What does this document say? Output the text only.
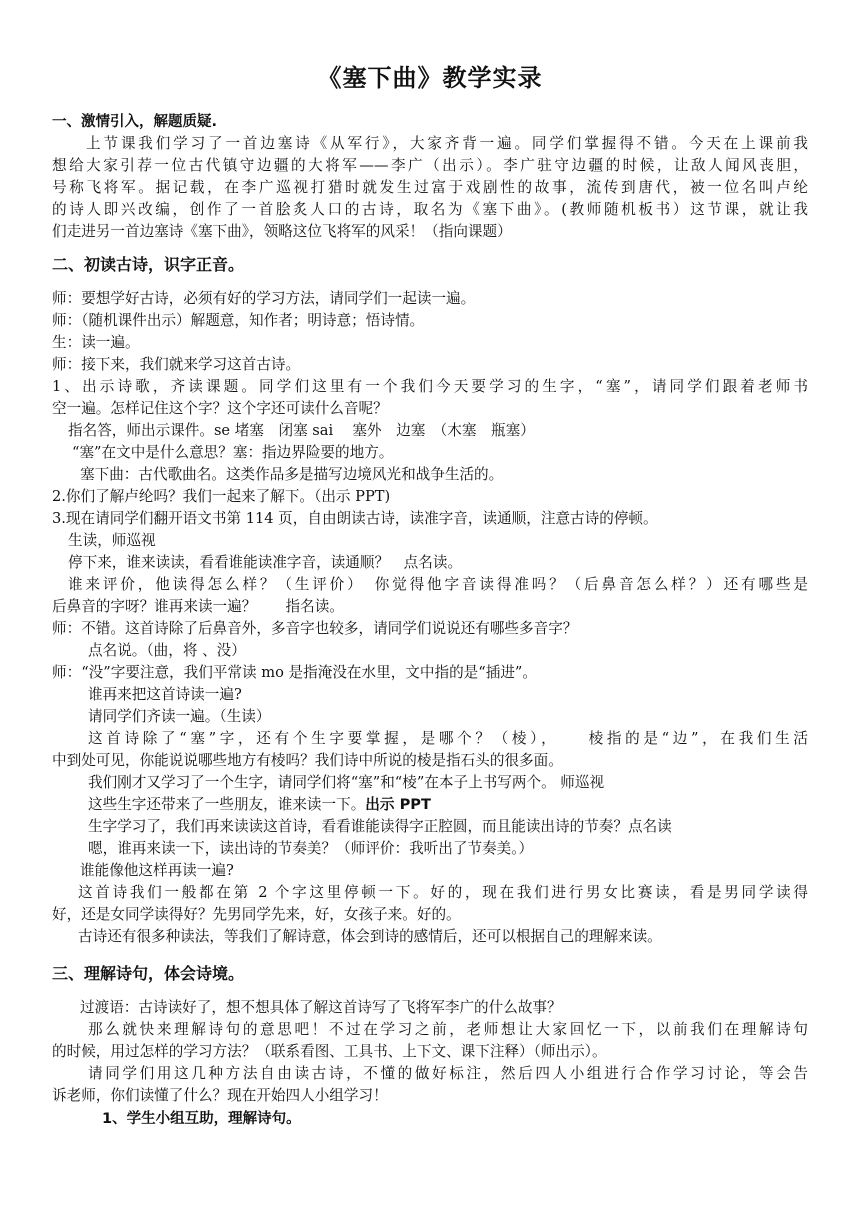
《塞下曲》教学实录
一、激情引入，解题质疑.
上节课我们学习了一首边塞诗《从军行》，大家齐背一遍。同学们掌握得不错。今天在上课前我
想给大家引荐一位古代镇守边疆的大将军——李广（出示）。李广驻守边疆的时候，让敌人闻风丧胆，
号称飞将军。据记载，在李广巡视打猎时就发生过富于戏剧性的故事，流传到唐代，被一位名叫卢纶
的诗人即兴改编，创作了一首脍炙人口的古诗，取名为《塞下曲》。(教师随机板书）这节课，就让我
们走进另一首边塞诗《塞下曲》，领略这位飞将军的风采！（指向课题）
二、初读古诗，识字正音。
师：要想学好古诗，必须有好的学习方法，请同学们一起读一遍。
师：（随机课件出示）解题意，知作者；明诗意；悟诗情。
生：读一遍。
师：接下来，我们就来学习这首古诗。
1、出示诗歌，齐读课题。同学们这里有一个我们今天要学习的生字，“塞”，请同学们跟着老师书
空一遍。怎样记住这个字？这个字还可读什么音呢？
指名答，师出示课件。se 堵塞　闭塞 sai　 塞外　边塞　（木塞　瓶塞）
“塞”在文中是什么意思？塞：指边界险要的地方。
塞下曲：古代歌曲名。这类作品多是描写边境风光和战争生活的。
2.你们了解卢纶吗？我们一起来了解下。（出示 PPT)
3.现在请同学们翻开语文书第 114 页，自由朗读古诗，读准字音，读通顺，注意古诗的停顿。
生读，师巡视
停下来，谁来读读，看看谁能读准字音，读通顺？　点名读。
谁来评价，他读得怎么样？（生评价）　你觉得他字音读得准吗？（后鼻音怎么样？）还有哪些是
后鼻音的字呀？谁再来读一遍？　　指名读。
师：不错。这首诗除了后鼻音外，多音字也较多，请同学们说说还有哪些多音字？
点名说。（曲，将 、没）
师：“没”字要注意，我们平常读 mo 是指淹没在水里，文中指的是“插进”。
谁再来把这首诗读一遍?
请同学们齐读一遍。（生读）
这首诗除了“塞”字，还有个生字要掌握，是哪个？（棱），　　棱指的是“边”，在我们生活
中到处可见，你能说说哪些地方有棱吗？我们诗中所说的棱是指石头的很多面。
我们刚才又学习了一个生字，请同学们将“塞”和“棱”在本子上书写两个。 师巡视
这些生字还带来了一些朋友，谁来读一下。出示 PPT
生字学习了，我们再来读读这首诗，看看谁能读得字正腔圆，而且能读出诗的节奏？点名读
嗯，谁再来读一下，读出诗的节奏美？（师评价：我听出了节奏美。）
谁能像他这样再读一遍?
这首诗我们一般都在第 2 个字这里停顿一下。好的，现在我们进行男女比赛读，看是男同学读得
好，还是女同学读得好？先男同学先来，好，女孩子来。好的。
古诗还有很多种读法，等我们了解诗意，体会到诗的感情后，还可以根据自己的理解来读。
三、理解诗句，体会诗境。
过渡语：古诗读好了，想不想具体了解这首诗写了飞将军李广的什么故事？
那么就快来理解诗句的意思吧！不过在学习之前，老师想让大家回忆一下，以前我们在理解诗句
的时候，用过怎样的学习方法？（联系看图、工具书、上下文、课下注释）（师出示）。
请同学们用这几种方法自由读古诗，不懂的做好标注，然后四人小组进行合作学习讨论，等会告
诉老师，你们读懂了什么？现在开始四人小组学习！
1、学生小组互助，理解诗句。
